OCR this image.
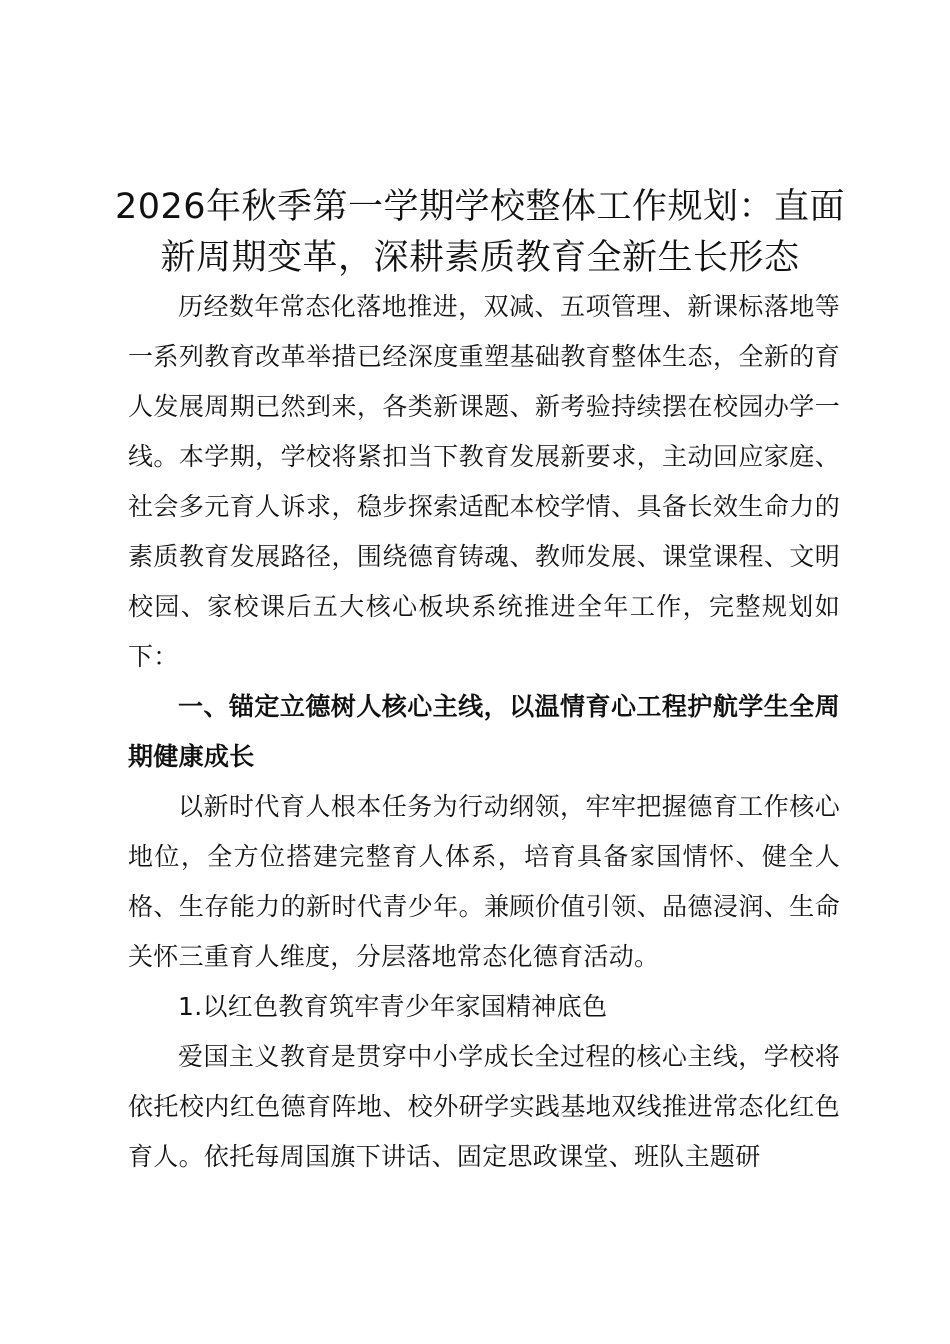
2026年秋季第一学期学校整体工作规划：直面新周期变革，深耕素质教育全新生长形态

历经数年常态化落地推进，双减、五项管理、新课标落地等一系列教育改革举措已经深度重塑基础教育整体生态，全新的育人发展周期已然到来，各类新课题、新考验持续摆在校园办学一线。本学期，学校将紧扣当下教育发展新要求，主动回应家庭、社会多元育人诉求，稳步探索适配本校学情、具备长效生命力的素质教育发展路径，围绕德育铸魂、教师发展、课堂课程、文明校园、家校课后五大核心板块系统推进全年工作，完整规划如下：

一、锚定立德树人核心主线，以温情育心工程护航学生全周期健康成长

以新时代育人根本任务为行动纲领，牢牢把握德育工作核心地位，全方位搭建完整育人体系，培育具备家国情怀、健全人格、生存能力的新时代青少年。兼顾价值引领、品德浸润、生命关怀三重育人维度，分层落地常态化德育活动。

1.以红色教育筑牢青少年家国精神底色

爱国主义教育是贯穿中小学成长全过程的核心主线，学校将依托校内红色德育阵地、校外研学实践基地双线推进常态化红色育人。依托每周国旗下讲话、固定思政课堂、班队主题研
